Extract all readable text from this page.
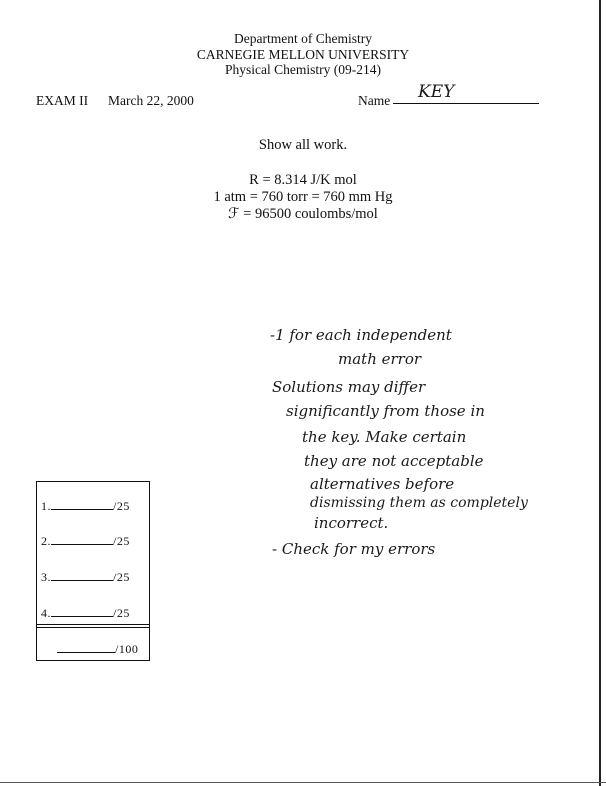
Department of Chemistry
CARNEGIE MELLON UNIVERSITY
Physical Chemistry (09-214)
EXAM II March 22, 2000	Name KEY
Show all work.
R = 8.314 J/K mol
1 atm = 760 torr = 760 mm Hg
ℱ = 96500 coulombs/mol
-1 for each independent
math error
Solutions may differ
significantly from those in
the key. Make certain
they are not acceptable
alternatives before
dismissing them as completely
incorrect.
- Check for my errors
1.	/25
2.	/25
3.	/25
4.	/25
/100
